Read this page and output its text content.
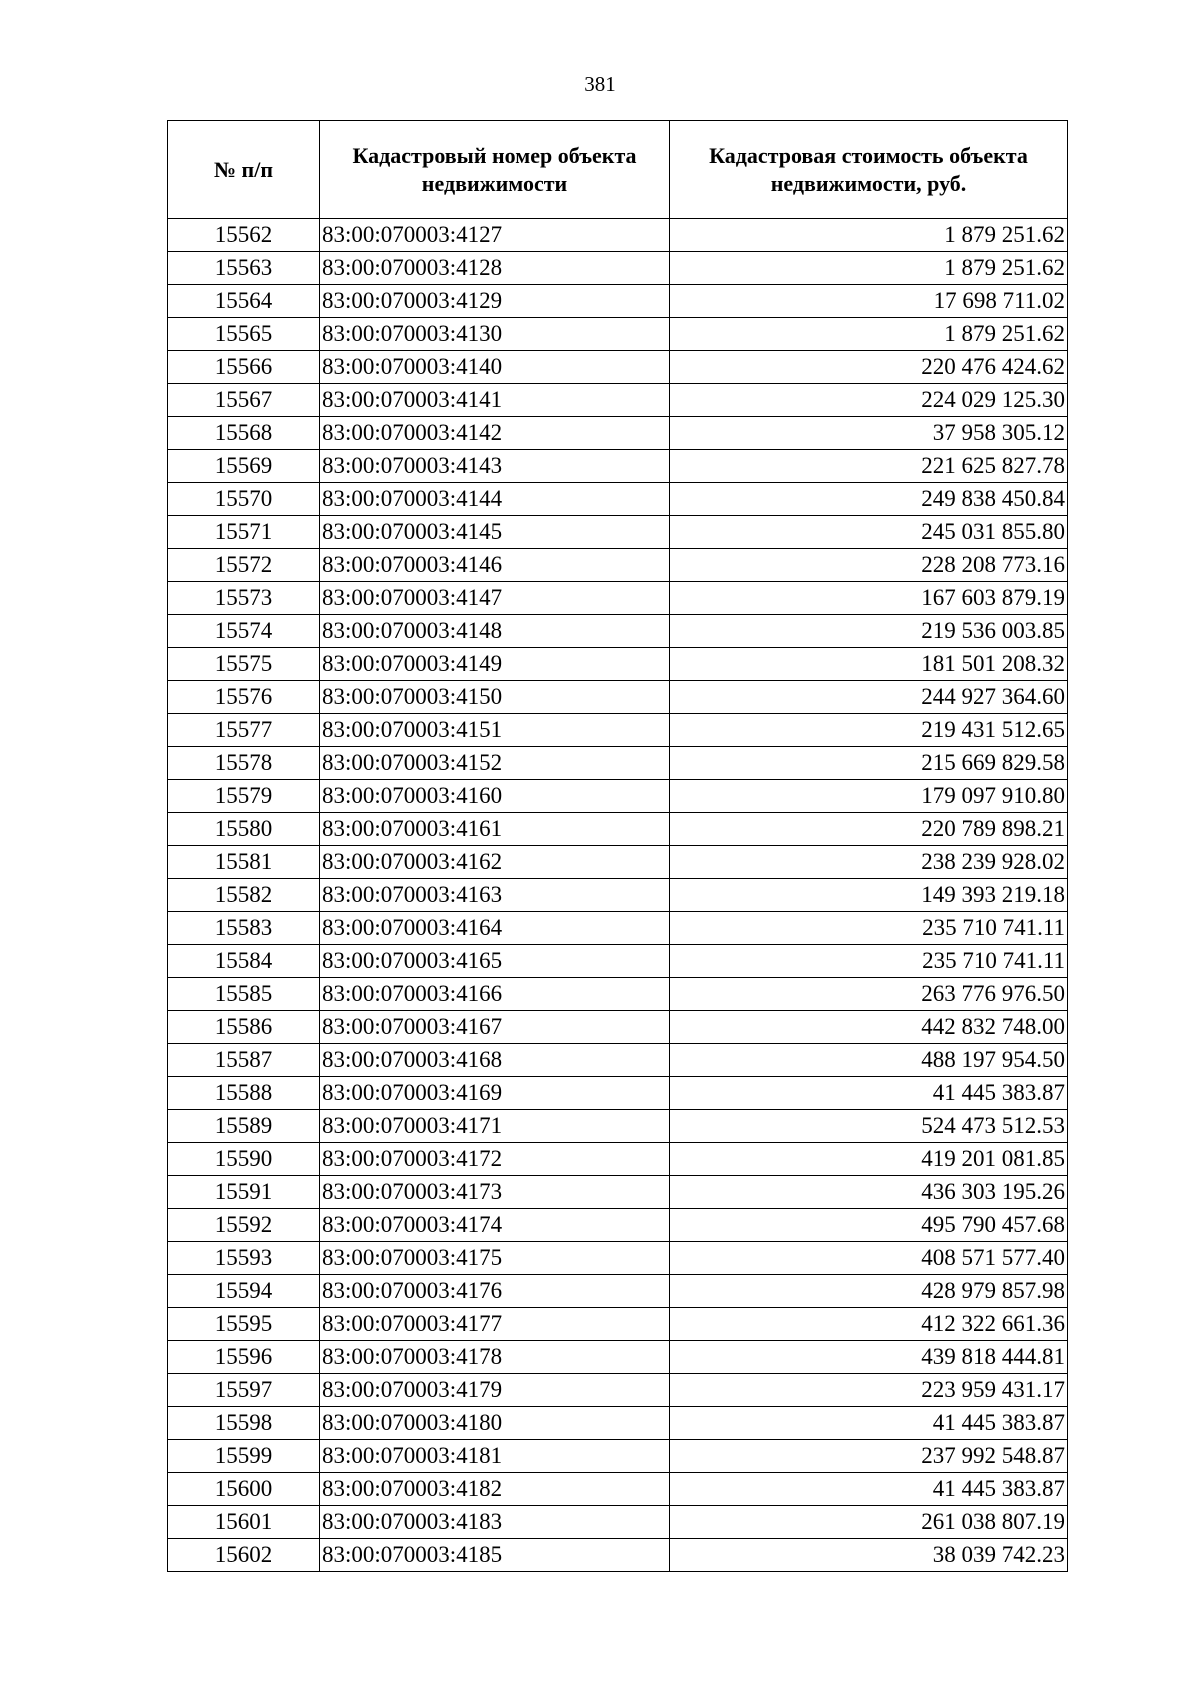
381
№ п/п	Кадастровый номер объекта недвижимости	Кадастровая стоимость объекта недвижимости, руб.
15562	83:00:070003:4127	1 879 251.62
15563	83:00:070003:4128	1 879 251.62
15564	83:00:070003:4129	17 698 711.02
15565	83:00:070003:4130	1 879 251.62
15566	83:00:070003:4140	220 476 424.62
15567	83:00:070003:4141	224 029 125.30
15568	83:00:070003:4142	37 958 305.12
15569	83:00:070003:4143	221 625 827.78
15570	83:00:070003:4144	249 838 450.84
15571	83:00:070003:4145	245 031 855.80
15572	83:00:070003:4146	228 208 773.16
15573	83:00:070003:4147	167 603 879.19
15574	83:00:070003:4148	219 536 003.85
15575	83:00:070003:4149	181 501 208.32
15576	83:00:070003:4150	244 927 364.60
15577	83:00:070003:4151	219 431 512.65
15578	83:00:070003:4152	215 669 829.58
15579	83:00:070003:4160	179 097 910.80
15580	83:00:070003:4161	220 789 898.21
15581	83:00:070003:4162	238 239 928.02
15582	83:00:070003:4163	149 393 219.18
15583	83:00:070003:4164	235 710 741.11
15584	83:00:070003:4165	235 710 741.11
15585	83:00:070003:4166	263 776 976.50
15586	83:00:070003:4167	442 832 748.00
15587	83:00:070003:4168	488 197 954.50
15588	83:00:070003:4169	41 445 383.87
15589	83:00:070003:4171	524 473 512.53
15590	83:00:070003:4172	419 201 081.85
15591	83:00:070003:4173	436 303 195.26
15592	83:00:070003:4174	495 790 457.68
15593	83:00:070003:4175	408 571 577.40
15594	83:00:070003:4176	428 979 857.98
15595	83:00:070003:4177	412 322 661.36
15596	83:00:070003:4178	439 818 444.81
15597	83:00:070003:4179	223 959 431.17
15598	83:00:070003:4180	41 445 383.87
15599	83:00:070003:4181	237 992 548.87
15600	83:00:070003:4182	41 445 383.87
15601	83:00:070003:4183	261 038 807.19
15602	83:00:070003:4185	38 039 742.23
